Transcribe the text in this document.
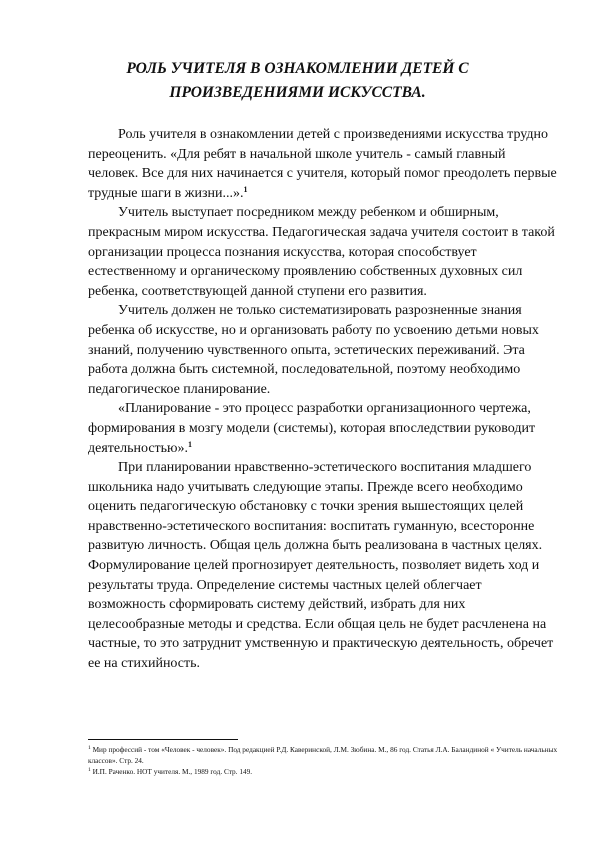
РОЛЬ УЧИТЕЛЯ В ОЗНАКОМЛЕНИИ ДЕТЕЙ С ПРОИЗВЕДЕНИЯМИ ИСКУССТВА.

Роль учителя в ознакомлении детей с произведениями искусства трудно переоценить. «Для ребят в начальной школе учитель - самый главный человек. Все для них начинается с учителя, который помог преодолеть первые трудные шаги в жизни...».$^1$

Учитель выступает посредником между ребенком и обширным, прекрасным миром искусства. Педагогическая задача учителя состоит в такой организации процесса познания искусства, которая способствует естественному и органическому проявлению собственных духовных сил ребенка, соответствующей данной ступени его развития.

Учитель должен не только систематизировать разрозненные знания ребенка об искусстве, но и организовать работу по усвоению детьми новых знаний, получению чувственного опыта, эстетических переживаний. Эта работа должна быть системной, последовательной, поэтому необходимо педагогическое планирование.

«Планирование - это процесс разработки организационного чертежа, формирования в мозгу модели (системы), которая впоследствии руководит деятельностью».$^1$

При планировании нравственно-эстетического воспитания младшего школьника надо учитывать следующие этапы. Прежде всего необходимо оценить педагогическую обстановку с точки зрения вышестоящих целей нравственно-эстетического воспитания: воспитать гуманную, всесторонне развитую личность. Общая цель должна быть реализована в частных целях. Формулирование целей прогнозирует деятельность, позволяет видеть ход и результаты труда. Определение системы частных целей облегчает возможность сформировать систему действий, избрать для них целесообразные методы и средства. Если общая цель не будет расчленена на частные, то это затруднит умственную и практическую деятельность, обречет ее на стихийность.

$^1$ Мир профессий - том «Человек - человек». Под редакцией Р.Д. Каверинской, Л.М. Зюбина. М., 86 год. Статья Л.А. Баландиной « Учитель начальных классов». Стр. 24.

$^1$ И.П. Раченко. НОТ учителя. М., 1989 год. Стр. 149.
